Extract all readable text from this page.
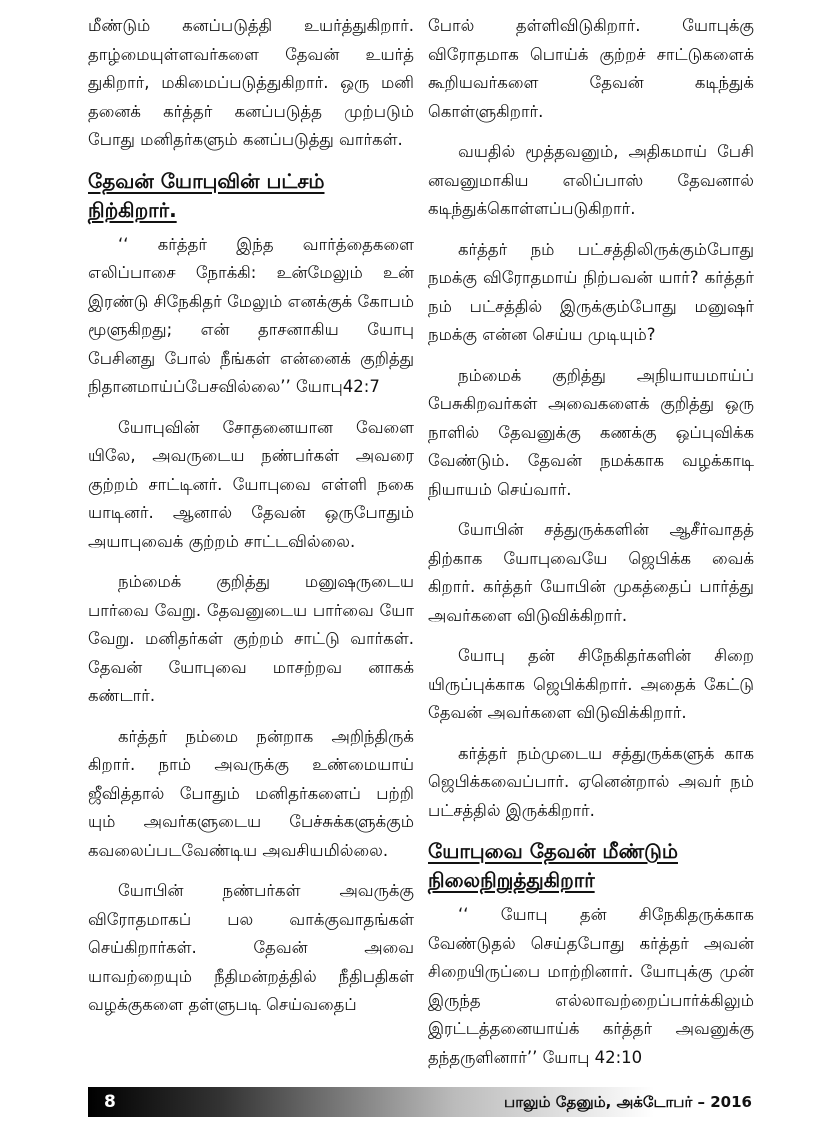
மீண்டும் கனப்படுத்தி உயர்த்துகிறார். தாழ்மையுள்ளவர்களை தேவன் உயர்த் துகிறார், மகிமைப்படுத்துகிறார். ஒரு மனி தனைக் கர்த்தர் கனப்படுத்த முற்படும் போது மனிதர்களும் கனப்படுத்து வார்கள்.

தேவன் யோபுவின் பட்சம் நிற்கிறார்.

‘‘ கர்த்தர் இந்த வார்த்தைகளை எலிப்பாசை நோக்கி: உன்மேலும் உன் இரண்டு சிநேகிதர் மேலும் எனக்குக் கோபம் மூளுகிறது; என் தாசனாகிய யோபு பேசினது போல் நீங்கள் என்னைக் குறித்து நிதானமாய்ப்பேசவில்லை’’ யோபு42:7

யோபுவின் சோதனையான வேளை யிலே, அவருடைய நண்பர்கள் அவரை குற்றம் சாட்டினர். யோபுவை எள்ளி நகை யாடினர். ஆனால் தேவன் ஒருபோதும் அயாபுவைக் குற்றம் சாட்டவில்லை.

நம்மைக் குறித்து மனுஷருடைய பார்வை வேறு. தேவனுடைய பார்வை யோ வேறு. மனிதர்கள் குற்றம் சாட்டு வார்கள். தேவன் யோபுவை மாசற்றவ னாகக் கண்டார்.

கர்த்தர் நம்மை நன்றாக அறிந்திருக் கிறார். நாம் அவருக்கு உண்மையாய் ஜீவித்தால் போதும் மனிதர்களைப் பற்றி யும் அவர்களுடைய பேச்சுக்களுக்கும் கவலைப்படவேண்டிய அவசியமில்லை.

யோபின் நண்பர்கள் அவருக்கு விரோதமாகப் பல வாக்குவாதங்கள் செய்கிறார்கள். தேவன் அவை யாவற்றையும் நீதிமன்றத்தில் நீதிபதிகள் வழக்குகளை தள்ளுபடி செய்வதைப்

போல் தள்ளிவிடுகிறார். யோபுக்கு விரோதமாக பொய்க் குற்றச் சாட்டுகளைக் கூறியவர்களை தேவன் கடிந்துக் கொள்ளுகிறார்.

வயதில் மூத்தவனும், அதிகமாய் பேசி னவனுமாகிய எலிப்பாஸ் தேவனால் கடிந்துக்கொள்ளப்படுகிறார்.

கர்த்தர் நம் பட்சத்திலிருக்கும்போது நமக்கு விரோதமாய் நிற்பவன் யார்? கர்த்தர் நம் பட்சத்தில் இருக்கும்போது மனுஷர் நமக்கு என்ன செய்ய முடியும்?

நம்மைக் குறித்து அநியாயமாய்ப் பேசுகிறவர்கள் அவைகளைக் குறித்து ஒரு நாளில் தேவனுக்கு கணக்கு ஒப்புவிக்க வேண்டும். தேவன் நமக்காக வழக்காடி நியாயம் செய்வார்.

யோபின் சத்துருக்களின் ஆசீர்வாதத் திற்காக யோபுவையே ஜெபிக்க வைக் கிறார். கர்த்தர் யோபின் முகத்தைப் பார்த்து அவர்களை விடுவிக்கிறார்.

யோபு தன் சிநேகிதர்களின் சிறை யிருப்புக்காக ஜெபிக்கிறார். அதைக் கேட்டு தேவன் அவர்களை விடுவிக்கிறார்.

கர்த்தர் நம்முடைய சத்துருக்களுக் காக ஜெபிக்கவைப்பார். ஏனென்றால் அவர் நம் பட்சத்தில் இருக்கிறார்.

யோபுவை தேவன் மீண்டும் நிலைநிறுத்துகிறார்

‘‘ யோபு தன் சிநேகிதருக்காக வேண்டுதல் செய்தபோது கர்த்தர் அவன் சிறையிருப்பை மாற்றினார். யோபுக்கு முன் இருந்த எல்லாவற்றைப்பார்க்கிலும் இரட்டத்தனையாய்க் கர்த்தர் அவனுக்கு தந்தருளினார்’’ யோபு 42:10

8	பாலும் தேனும், அக்டோபர் – 2016
